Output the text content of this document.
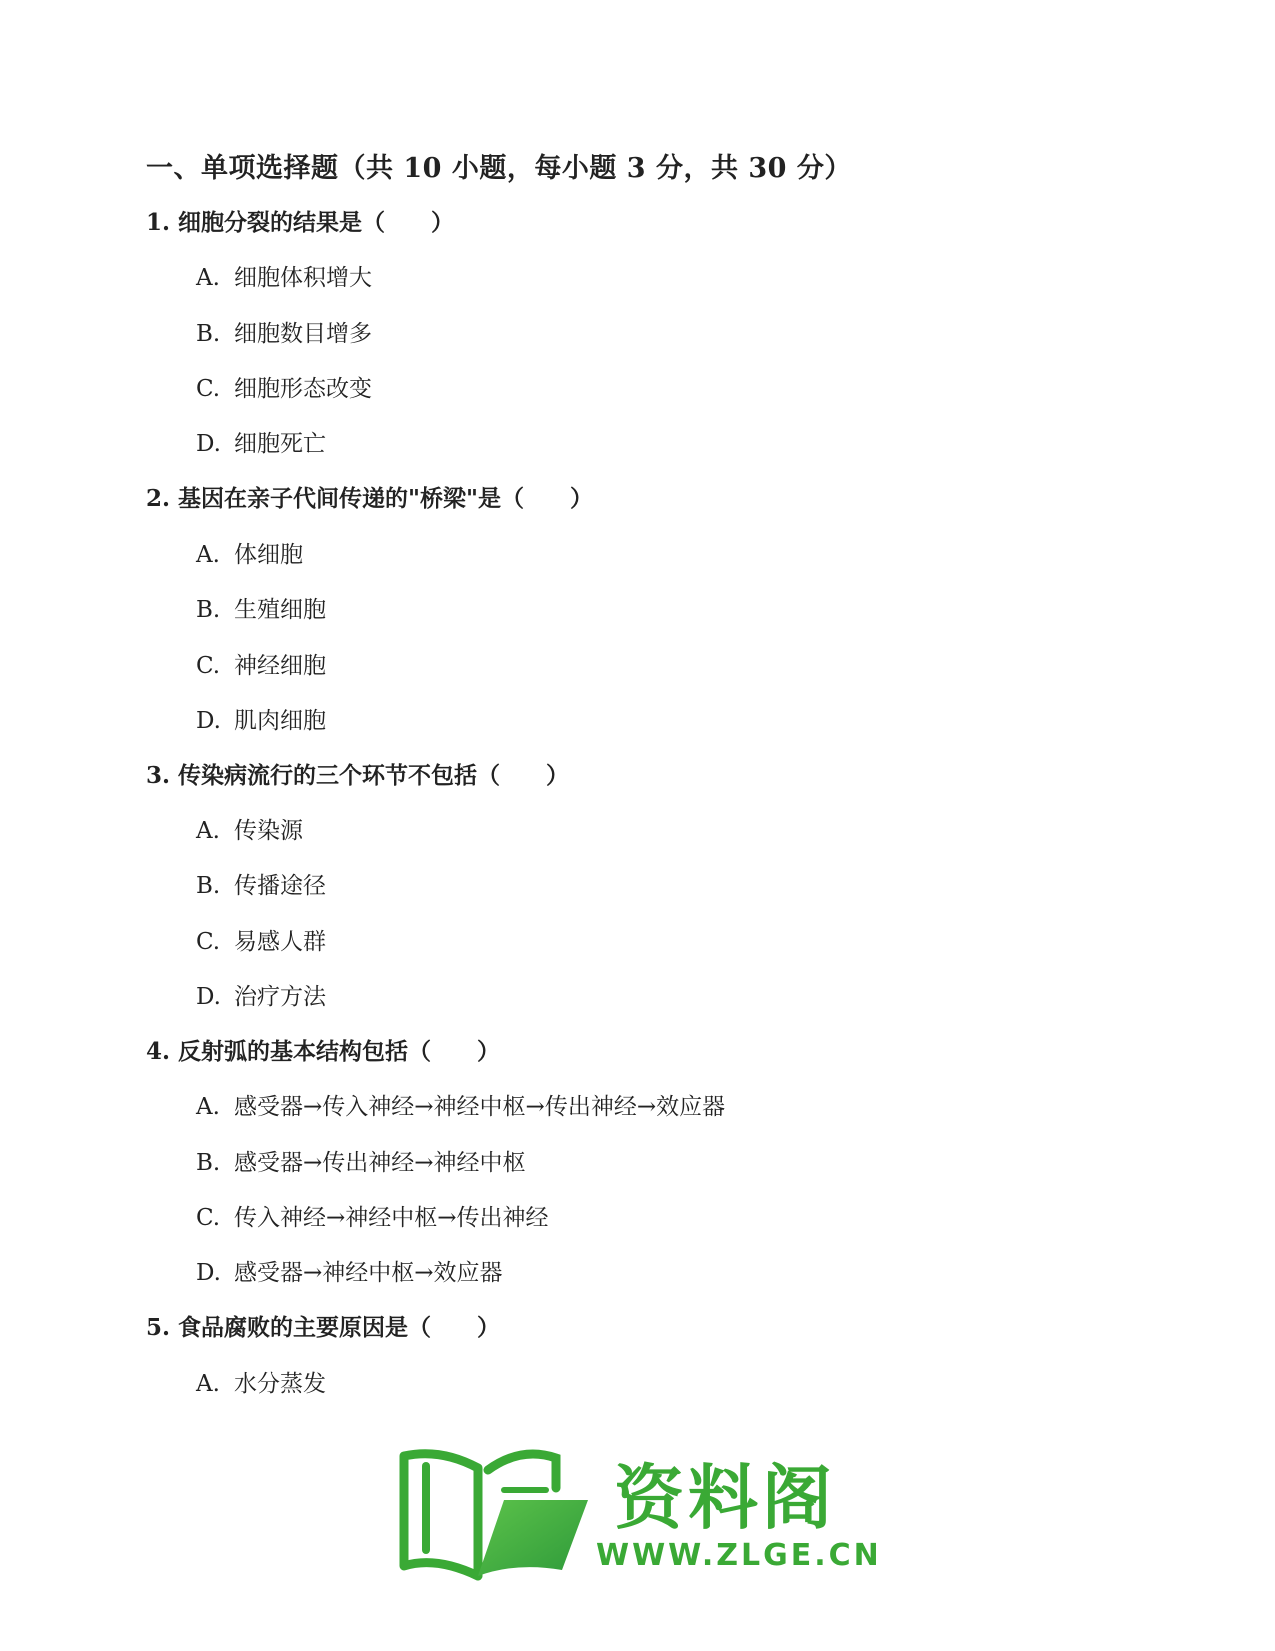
一、单项选择题（共 10 小题，每小题 3 分，共 30 分）
1. 细胞分裂的结果是（　　）
A. 细胞体积增大
B. 细胞数目增多
C. 细胞形态改变
D. 细胞死亡
2. 基因在亲子代间传递的"桥梁"是（　　）
A. 体细胞
B. 生殖细胞
C. 神经细胞
D. 肌肉细胞
3. 传染病流行的三个环节不包括（　　）
A. 传染源
B. 传播途径
C. 易感人群
D. 治疗方法
4. 反射弧的基本结构包括（　　）
A. 感受器→传入神经→神经中枢→传出神经→效应器
B. 感受器→传出神经→神经中枢
C. 传入神经→神经中枢→传出神经
D. 感受器→神经中枢→效应器
5. 食品腐败的主要原因是（　　）
A. 水分蒸发
资料阁
WWW.ZLGE.CN
